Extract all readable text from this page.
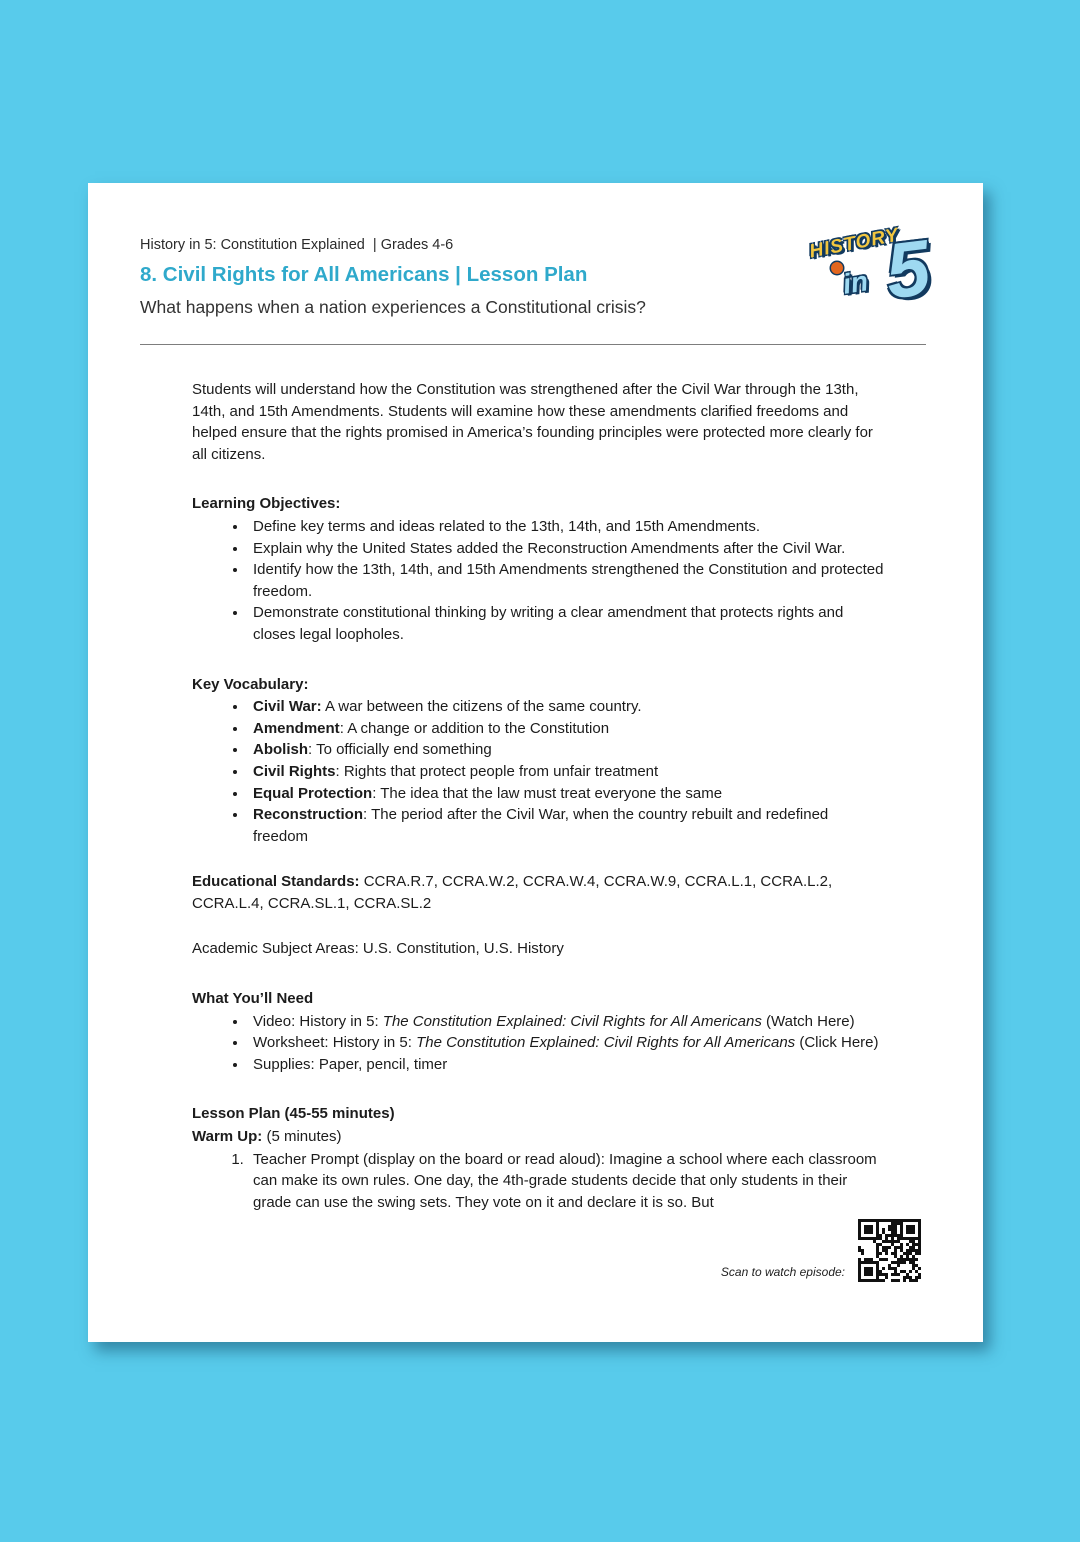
History in 5: Constitution Explained  | Grades 4-6

8. Civil Rights for All Americans | Lesson Plan

What happens when a nation experiences a Constitutional crisis?	5
HISTORY
in

Students will understand how the Constitution was strengthened after the Civil War through the 13th, 14th, and 15th Amendments. Students will examine how these amendments clarified freedoms and helped ensure that the rights promised in America’s founding principles were protected more clearly for all citizens.

Learning Objectives:

• Define key terms and ideas related to the 13th, 14th, and 15th Amendments.
• Explain why the United States added the Reconstruction Amendments after the Civil War.
• Identify how the 13th, 14th, and 15th Amendments strengthened the Constitution and protected freedom.
• Demonstrate constitutional thinking by writing a clear amendment that protects rights and closes legal loopholes.

Key Vocabulary:

• Civil War: A war between the citizens of the same country.
• Amendment: A change or addition to the Constitution
• Abolish: To officially end something
• Civil Rights: Rights that protect people from unfair treatment
• Equal Protection: The idea that the law must treat everyone the same
• Reconstruction: The period after the Civil War, when the country rebuilt and redefined freedom

Educational Standards: CCRA.R.7, CCRA.W.2, CCRA.W.4, CCRA.W.9, CCRA.L.1, CCRA.L.2, CCRA.L.4, CCRA.SL.1, CCRA.SL.2

Academic Subject Areas: U.S. Constitution, U.S. History

What You’ll Need

• Video: History in 5: The Constitution Explained: Civil Rights for All Americans (Watch Here)
• Worksheet: History in 5: The Constitution Explained: Civil Rights for All Americans (Click Here)
• Supplies: Paper, pencil, timer

Lesson Plan (45-55 minutes)

Warm Up: (5 minutes)

1. Teacher Prompt (display on the board or read aloud): Imagine a school where each classroom can make its own rules. One day, the 4th-grade students decide that only students in their grade can use the swing sets. They vote on it and declare it is so. But
Scan to watch episode:
